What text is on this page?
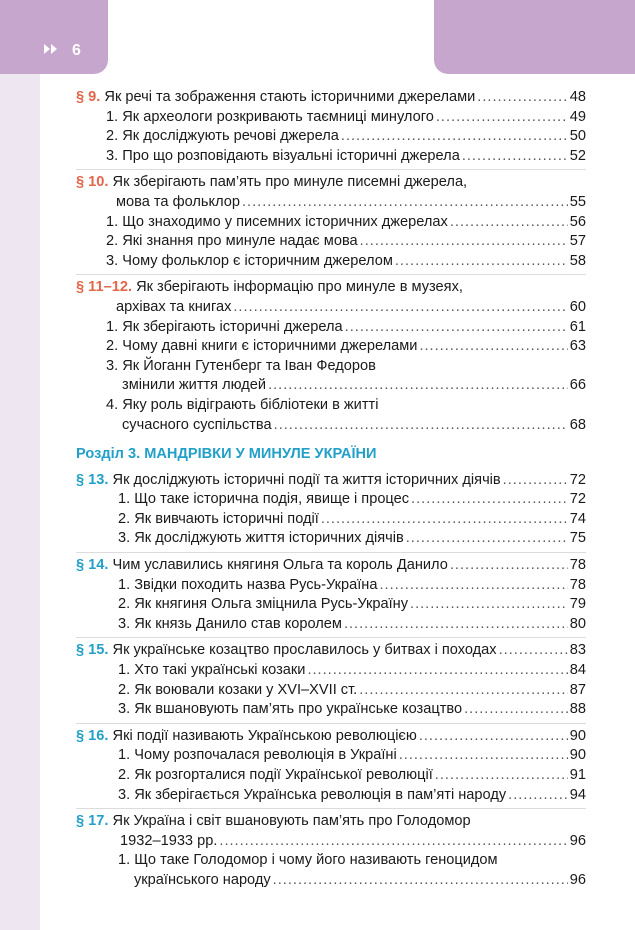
6
§ 9. Як речі та зображення стають історичними джерелами .....	48
1. Як археологи розкривають таємниці минулого .....	49
2. Як досліджують речові джерела .....	50
3. Про що розповідають візуальні історичні джерела .....	52
§ 10. Як зберігають пам’ять про минуле писемні джерела,
мова та фольклор .....	55
1. Що знаходимо у писемних історичних джерелах .....	56
2. Які знання про минуле надає мова .....	57
3. Чому фольклор є історичним джерелом .....	58
§ 11–12. Як зберігають інформацію про минуле в музеях,
архівах та книгах .....	60
1. Як зберігають історичні джерела .....	61
2. Чому давні книги є історичними джерелами .....	63
3. Як Йоганн Гутенберг та Іван Федоров
змінили життя людей .....	66
4. Яку роль відіграють бібліотеки в житті
сучасного суспільства .....	68
Розділ 3. МАНДРІВКИ У МИНУЛЕ УКРАЇНИ
§ 13. Як досліджують історичні події та життя історичних діячів .....	72
1. Що таке історична подія, явище і процес .....	72
2. Як вивчають історичні події .....	74
3. Як досліджують життя історичних діячів .....	75
§ 14. Чим уславились княгиня Ольга та король Данило .....	78
1. Звідки походить назва Русь-Україна .....	78
2. Як княгиня Ольга зміцнила Русь-Україну .....	79
3. Як князь Данило став королем .....	80
§ 15. Як українське козацтво прославилось у битвах і походах .....	83
1. Хто такі українські козаки .....	84
2. Як воювали козаки у XVI–XVII ст. .....	87
3. Як вшановують пам’ять про українське козацтво .....	88
§ 16. Які події називають Українською революцією .....	90
1. Чому розпочалася революція в Україні .....	90
2. Як розгорталися події Української революції .....	91
3. Як зберігається Українська революція в пам’яті народу .....	94
§ 17. Як Україна і світ вшановують пам’ять про Голодомор
1932–1933 рр. .....	96
1. Що таке Голодомор і чому його називають геноцидом
українського народу .....	96
